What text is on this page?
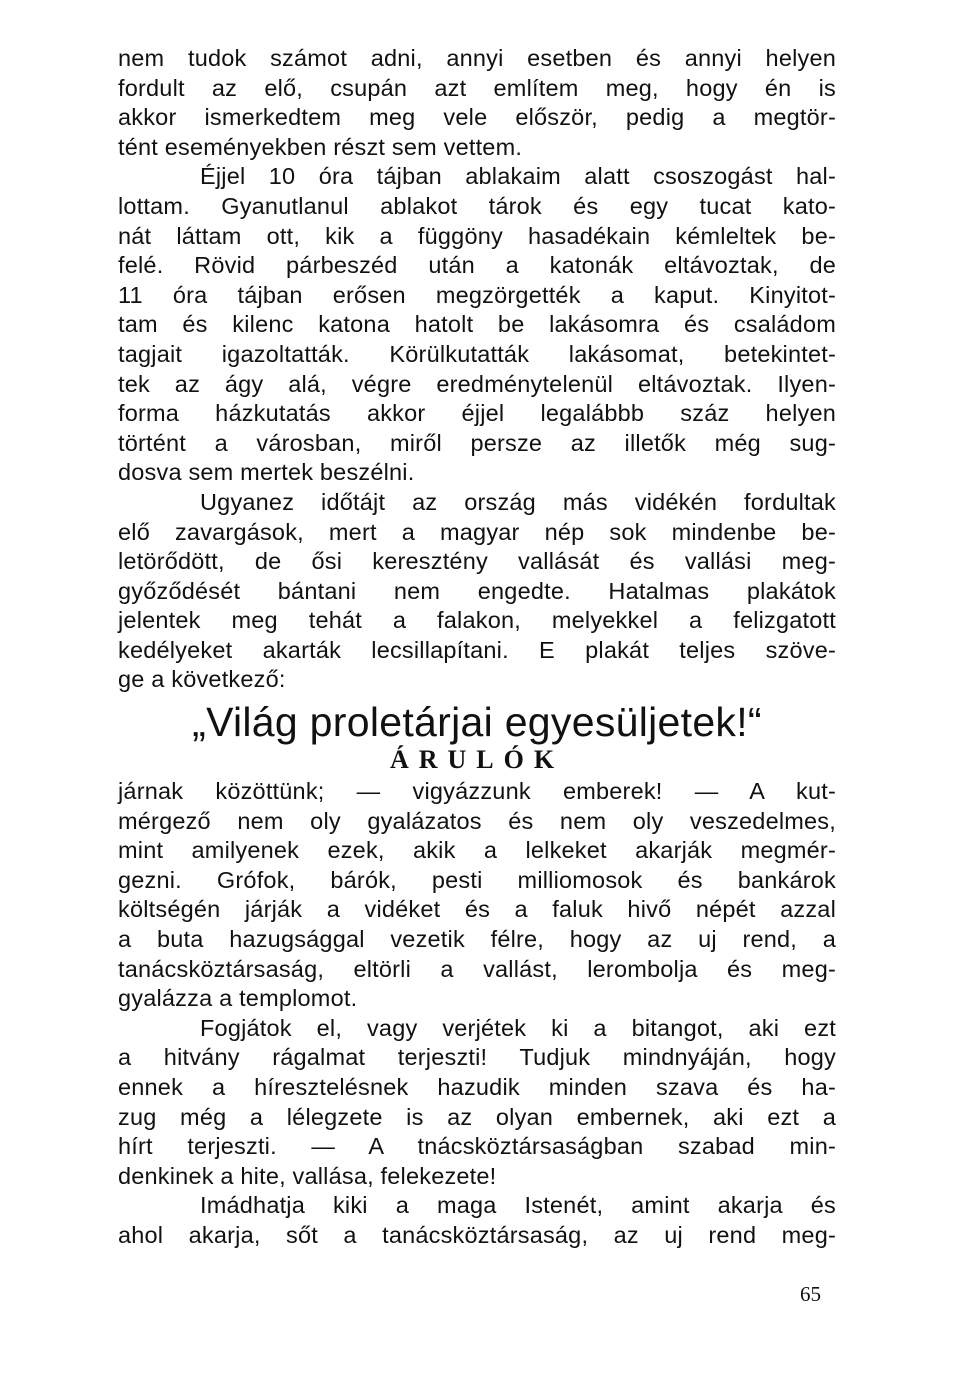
nem tudok számot adni, annyi esetben és annyi helyen
fordult az elő, csupán azt említem meg, hogy én is
akkor ismerkedtem meg vele először, pedig a megtör-
tént eseményekben részt sem vettem.
Éjjel 10 óra tájban ablakaim alatt csoszogást hal-
lottam. Gyanutlanul ablakot tárok és egy tucat kato-
nát láttam ott, kik a függöny hasadékain kémleltek be-
felé. Rövid párbeszéd után a katonák eltávoztak, de
11 óra tájban erősen megzörgették a kaput. Kinyitot-
tam és kilenc katona hatolt be lakásomra és családom
tagjait igazoltatták. Körülkutatták lakásomat, betekintet-
tek az ágy alá, végre eredménytelenül eltávoztak. Ilyen-
forma házkutatás akkor éjjel legalábbb száz helyen
történt a városban, miről persze az illetők még sug-
dosva sem mertek beszélni.
Ugyanez időtájt az ország más vidékén fordultak
elő zavargások, mert a magyar nép sok mindenbe be-
letörődött, de ősi keresztény vallását és vallási meg-
győződését bántani nem engedte. Hatalmas plakátok
jelentek meg tehát a falakon, melyekkel a felizgatott
kedélyeket akarták lecsillapítani. E plakát teljes szöve-
ge a következő:
„Világ proletárjai egyesüljetek!“
ÁRULÓK
járnak közöttünk; — vigyázzunk emberek! — A kut-
mérgező nem oly gyalázatos és nem oly veszedelmes,
mint amilyenek ezek, akik a lelkeket akarják megmér-
gezni. Grófok, bárók, pesti milliomosok és bankárok
költségén járják a vidéket és a faluk hivő népét azzal
a buta hazugsággal vezetik félre, hogy az uj rend, a
tanácsköztársaság, eltörli a vallást, lerombolja és meg-
gyalázza a templomot.
Fogjátok el, vagy verjétek ki a bitangot, aki ezt
a hitvány rágalmat terjeszti! Tudjuk mindnyáján, hogy
ennek a híresztelésnek hazudik minden szava és ha-
zug még a lélegzete is az olyan embernek, aki ezt a
hírt terjeszti. — A tnácsköztársaságban szabad min-
denkinek a hite, vallása, felekezete!
Imádhatja kiki a maga Istenét, amint akarja és
ahol akarja, sőt a tanácsköztársaság, az uj rend meg-
65
